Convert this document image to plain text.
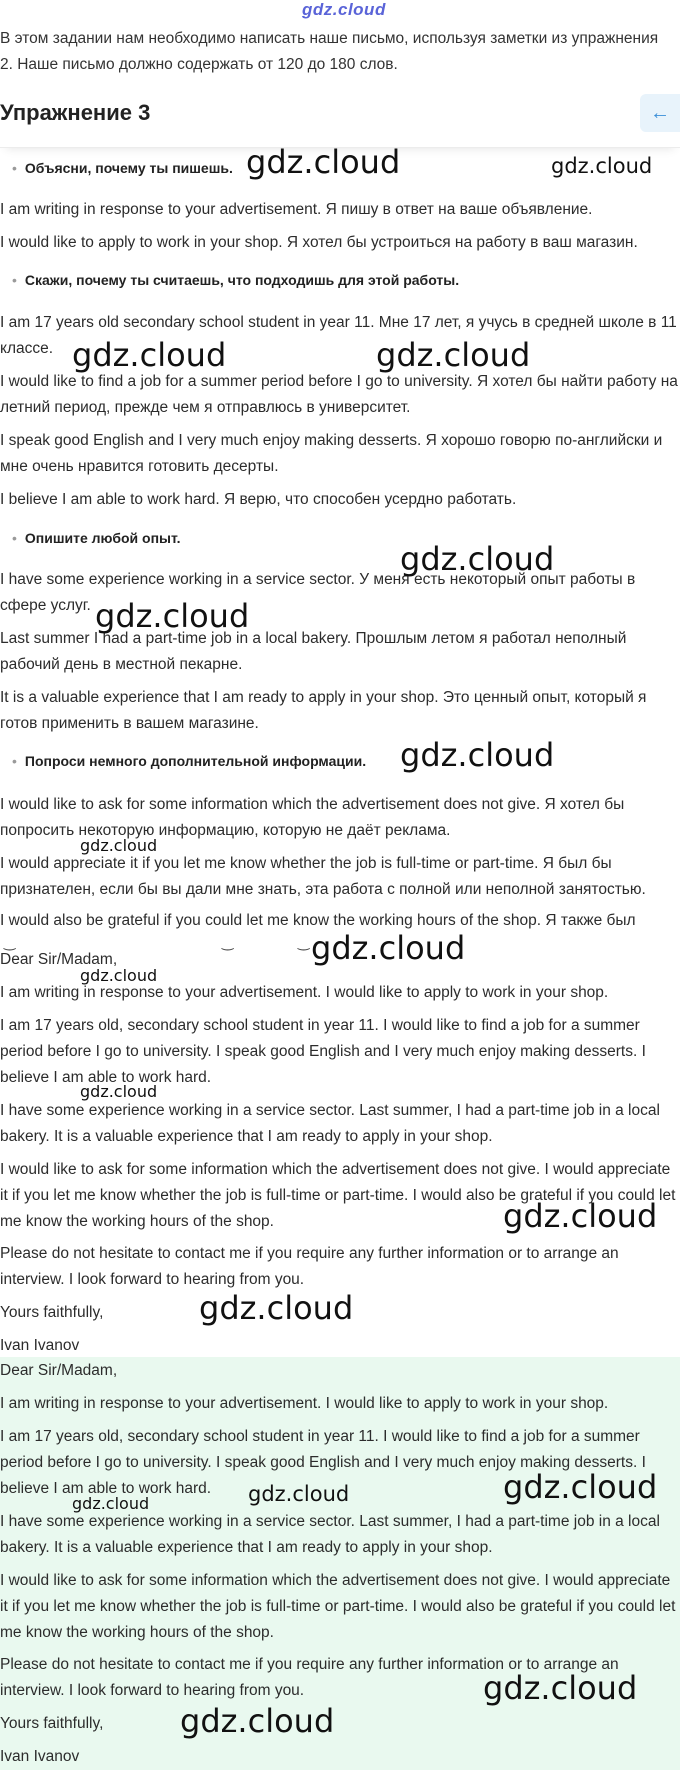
gdz.cloud
В этом задании нам необходимо написать наше письмо, используя заметки из упражнения 2. Наше письмо должно содержать от 120 до 180 слов.
Упражнение 3	←
• Объясни, почему ты пишешь.
I am writing in response to your advertisement. Я пишу в ответ на ваше объявление.
I would like to apply to work in your shop. Я хотел бы устроиться на работу в ваш магазин.
• Скажи, почему ты считаешь, что подходишь для этой работы.
I am 17 years old secondary school student in year 11. Мне 17 лет, я учусь в средней школе в 11 классе.
I would like to find a job for a summer period before I go to university. Я хотел бы найти работу на летний период, прежде чем я отправлюсь в университет.
I speak good English and I very much enjoy making desserts. Я хорошо говорю по-английски и мне очень нравится готовить десерты.
I believe I am able to work hard. Я верю, что способен усердно работать.
• Опишите любой опыт.
I have some experience working in a service sector. У меня есть некоторый опыт работы в сфере услуг.
Last summer I had a part-time job in a local bakery. Прошлым летом я работал неполный рабочий день в местной пекарне.
It is a valuable experience that I am ready to apply in your shop. Это ценный опыт, который я готов применить в вашем магазине.
• Попроси немного дополнительной информации.
I would like to ask for some information which the advertisement does not give. Я хотел бы попросить некоторую информацию, которую не даёт реклама.
I would appreciate it if you let me know whether the job is full-time or part-time. Я был бы признателен, если бы вы дали мне знать, эта работа с полной или неполной занятостью.
I would also be grateful if you could let me know the working hours of the shop. Я также был
Dear Sir/Madam,
I am writing in response to your advertisement. I would like to apply to work in your shop.
I am 17 years old, secondary school student in year 11. I would like to find a job for a summer period before I go to university. I speak good English and I very much enjoy making desserts. I believe I am able to work hard.
I have some experience working in a service sector. Last summer, I had a part-time job in a local bakery. It is a valuable experience that I am ready to apply in your shop.
I would like to ask for some information which the advertisement does not give. I would appreciate it if you let me know whether the job is full-time or part-time. I would also be grateful if you could let me know the working hours of the shop.
Please do not hesitate to contact me if you require any further information or to arrange an interview. I look forward to hearing from you.
Yours faithfully,
Ivan Ivanov
Dear Sir/Madam,
I am writing in response to your advertisement. I would like to apply to work in your shop.
I am 17 years old, secondary school student in year 11. I would like to find a job for a summer period before I go to university. I speak good English and I very much enjoy making desserts. I believe I am able to work hard.
I have some experience working in a service sector. Last summer, I had a part-time job in a local bakery. It is a valuable experience that I am ready to apply in your shop.
I would like to ask for some information which the advertisement does not give. I would appreciate it if you let me know whether the job is full-time or part-time. I would also be grateful if you could let me know the working hours of the shop.
Please do not hesitate to contact me if you require any further information or to arrange an interview. I look forward to hearing from you.
Yours faithfully,
Ivan Ivanov
gdz.cloud	gdz.cloud
gdz.cloud	gdz.cloud
gdz.cloud
gdz.cloud
gdz.cloud
gdz.cloud
gdz.cloud
gdz.cloud
gdz.cloud
gdz.cloud
gdz.cloud
gdz.cloud	gdz.cloud
gdz.cloud
gdz.cloud
gdz.cloud
‿	‿	‿
